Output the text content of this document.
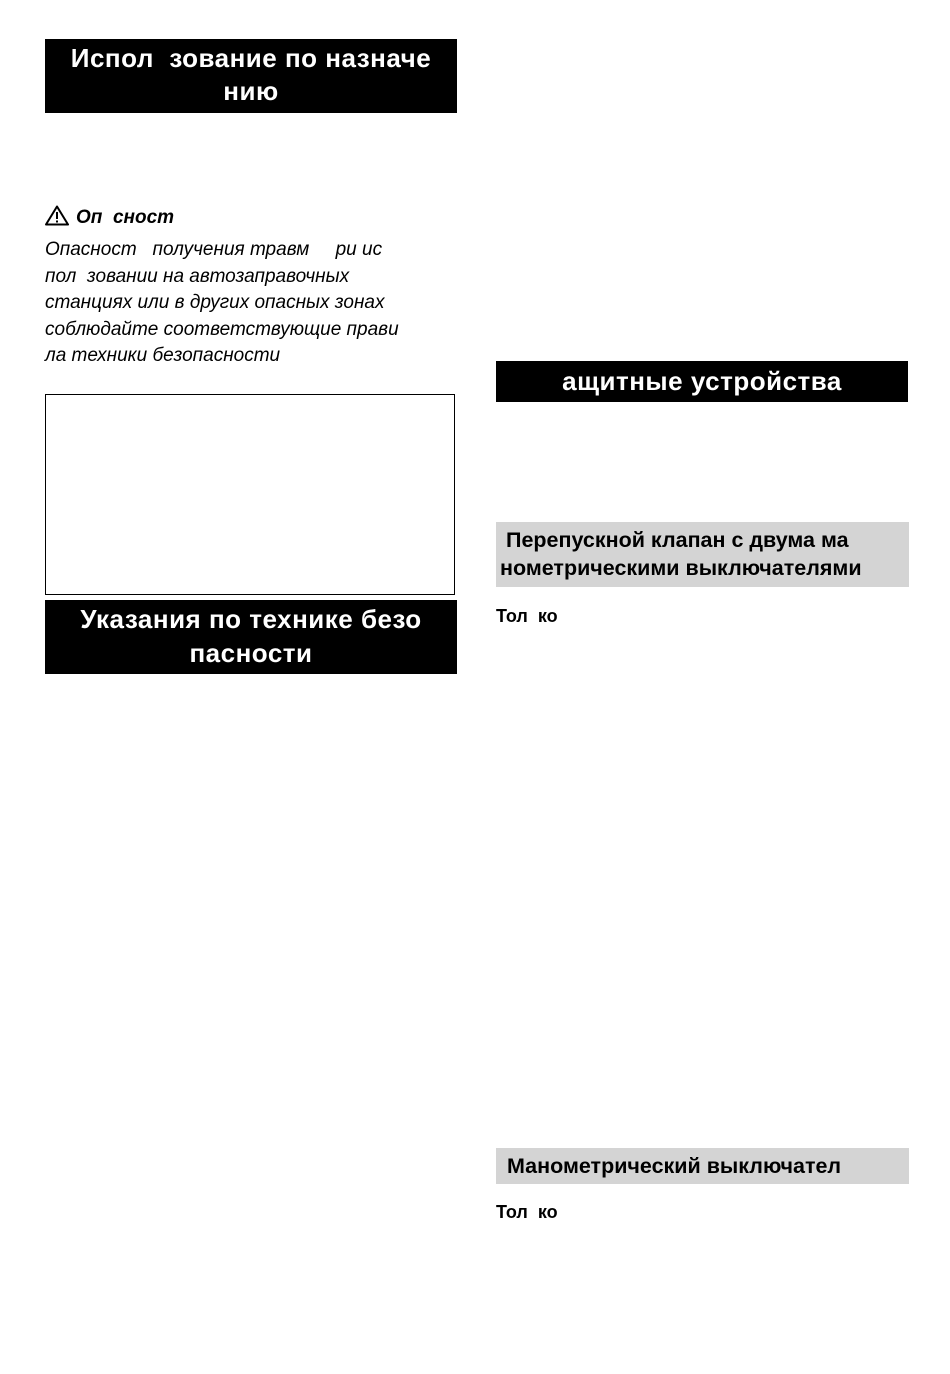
Испол  зование по назначе
нию
Оп  сност
Опасност   получения травм     ри ис
пол  зовании на автозаправочных
станциях или в других опасных зонах
соблюдайте соответствующие прави
ла техники безопасности
Указания по технике безо
пасности
ащитные устройства
Перепускной клапан с двума ма
нометрическими выключателями
Тол  ко
Манометрический выключател
Тол  ко
